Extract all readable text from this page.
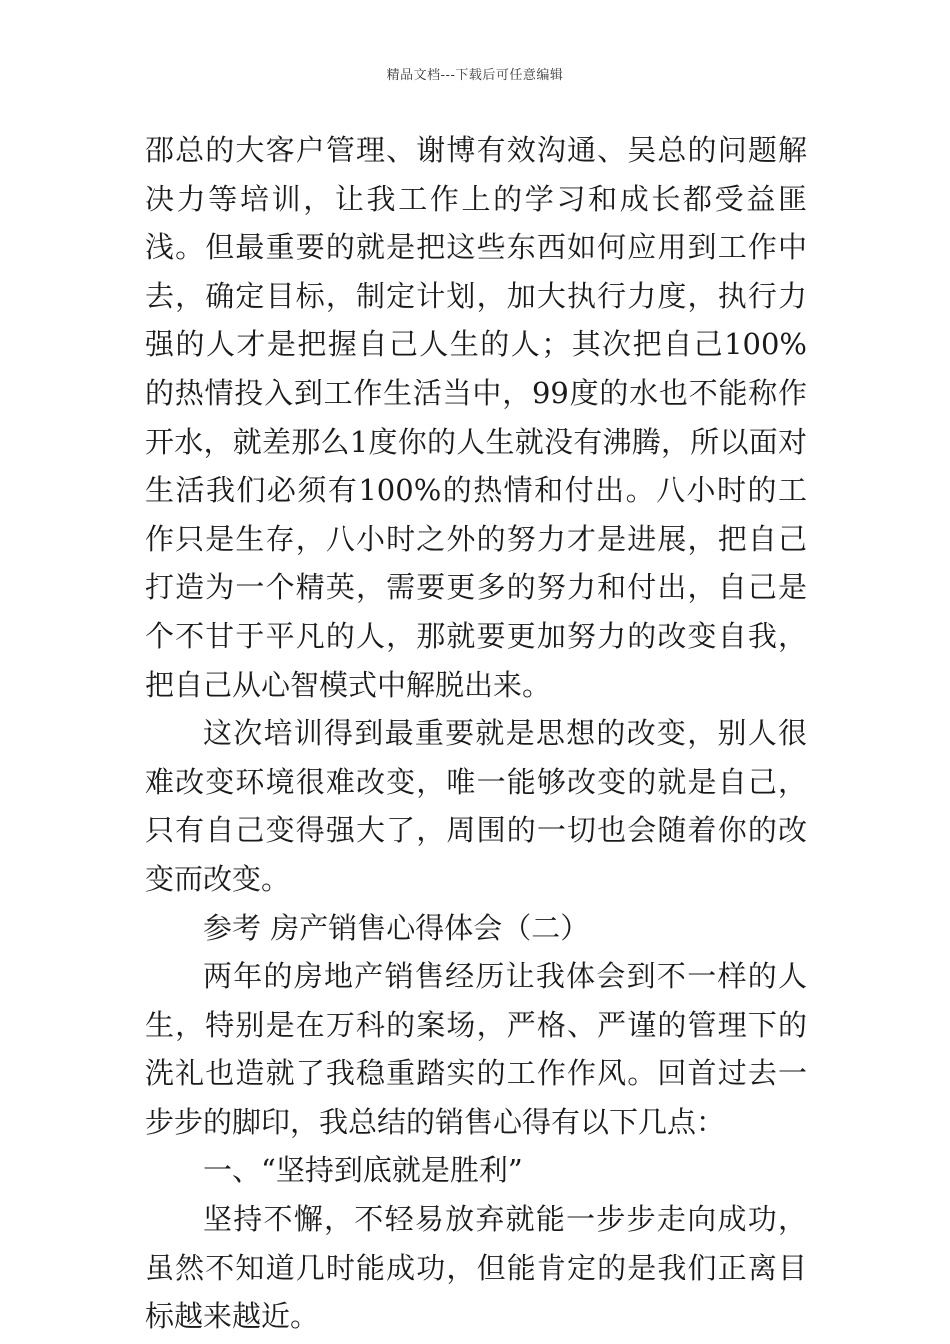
精品文档---下载后可任意编辑

邵总的大客户管理、谢博有效沟通、吴总的问题解决力等培训，让我工作上的学习和成长都受益匪浅。但最重要的就是把这些东西如何应用到工作中去，确定目标，制定计划，加大执行力度，执行力强的人才是把握自己人生的人；其次把自己100%的热情投入到工作生活当中，99度的水也不能称作开水，就差那么1度你的人生就没有沸腾，所以面对生活我们必须有100%的热情和付出。八小时的工作只是生存，八小时之外的努力才是进展，把自己打造为一个精英，需要更多的努力和付出，自己是个不甘于平凡的人，那就要更加努力的改变自我，把自己从心智模式中解脱出来。

这次培训得到最重要就是思想的改变，别人很难改变环境很难改变，唯一能够改变的就是自己，只有自己变得强大了，周围的一切也会随着你的改变而改变。

参考 房产销售心得体会（二）

两年的房地产销售经历让我体会到不一样的人生，特别是在万科的案场，严格、严谨的管理下的洗礼也造就了我稳重踏实的工作作风。回首过去一步步的脚印，我总结的销售心得有以下几点：

一、“坚持到底就是胜利”

坚持不懈，不轻易放弃就能一步步走向成功，虽然不知道几时能成功，但能肯定的是我们正离目标越来越近。
